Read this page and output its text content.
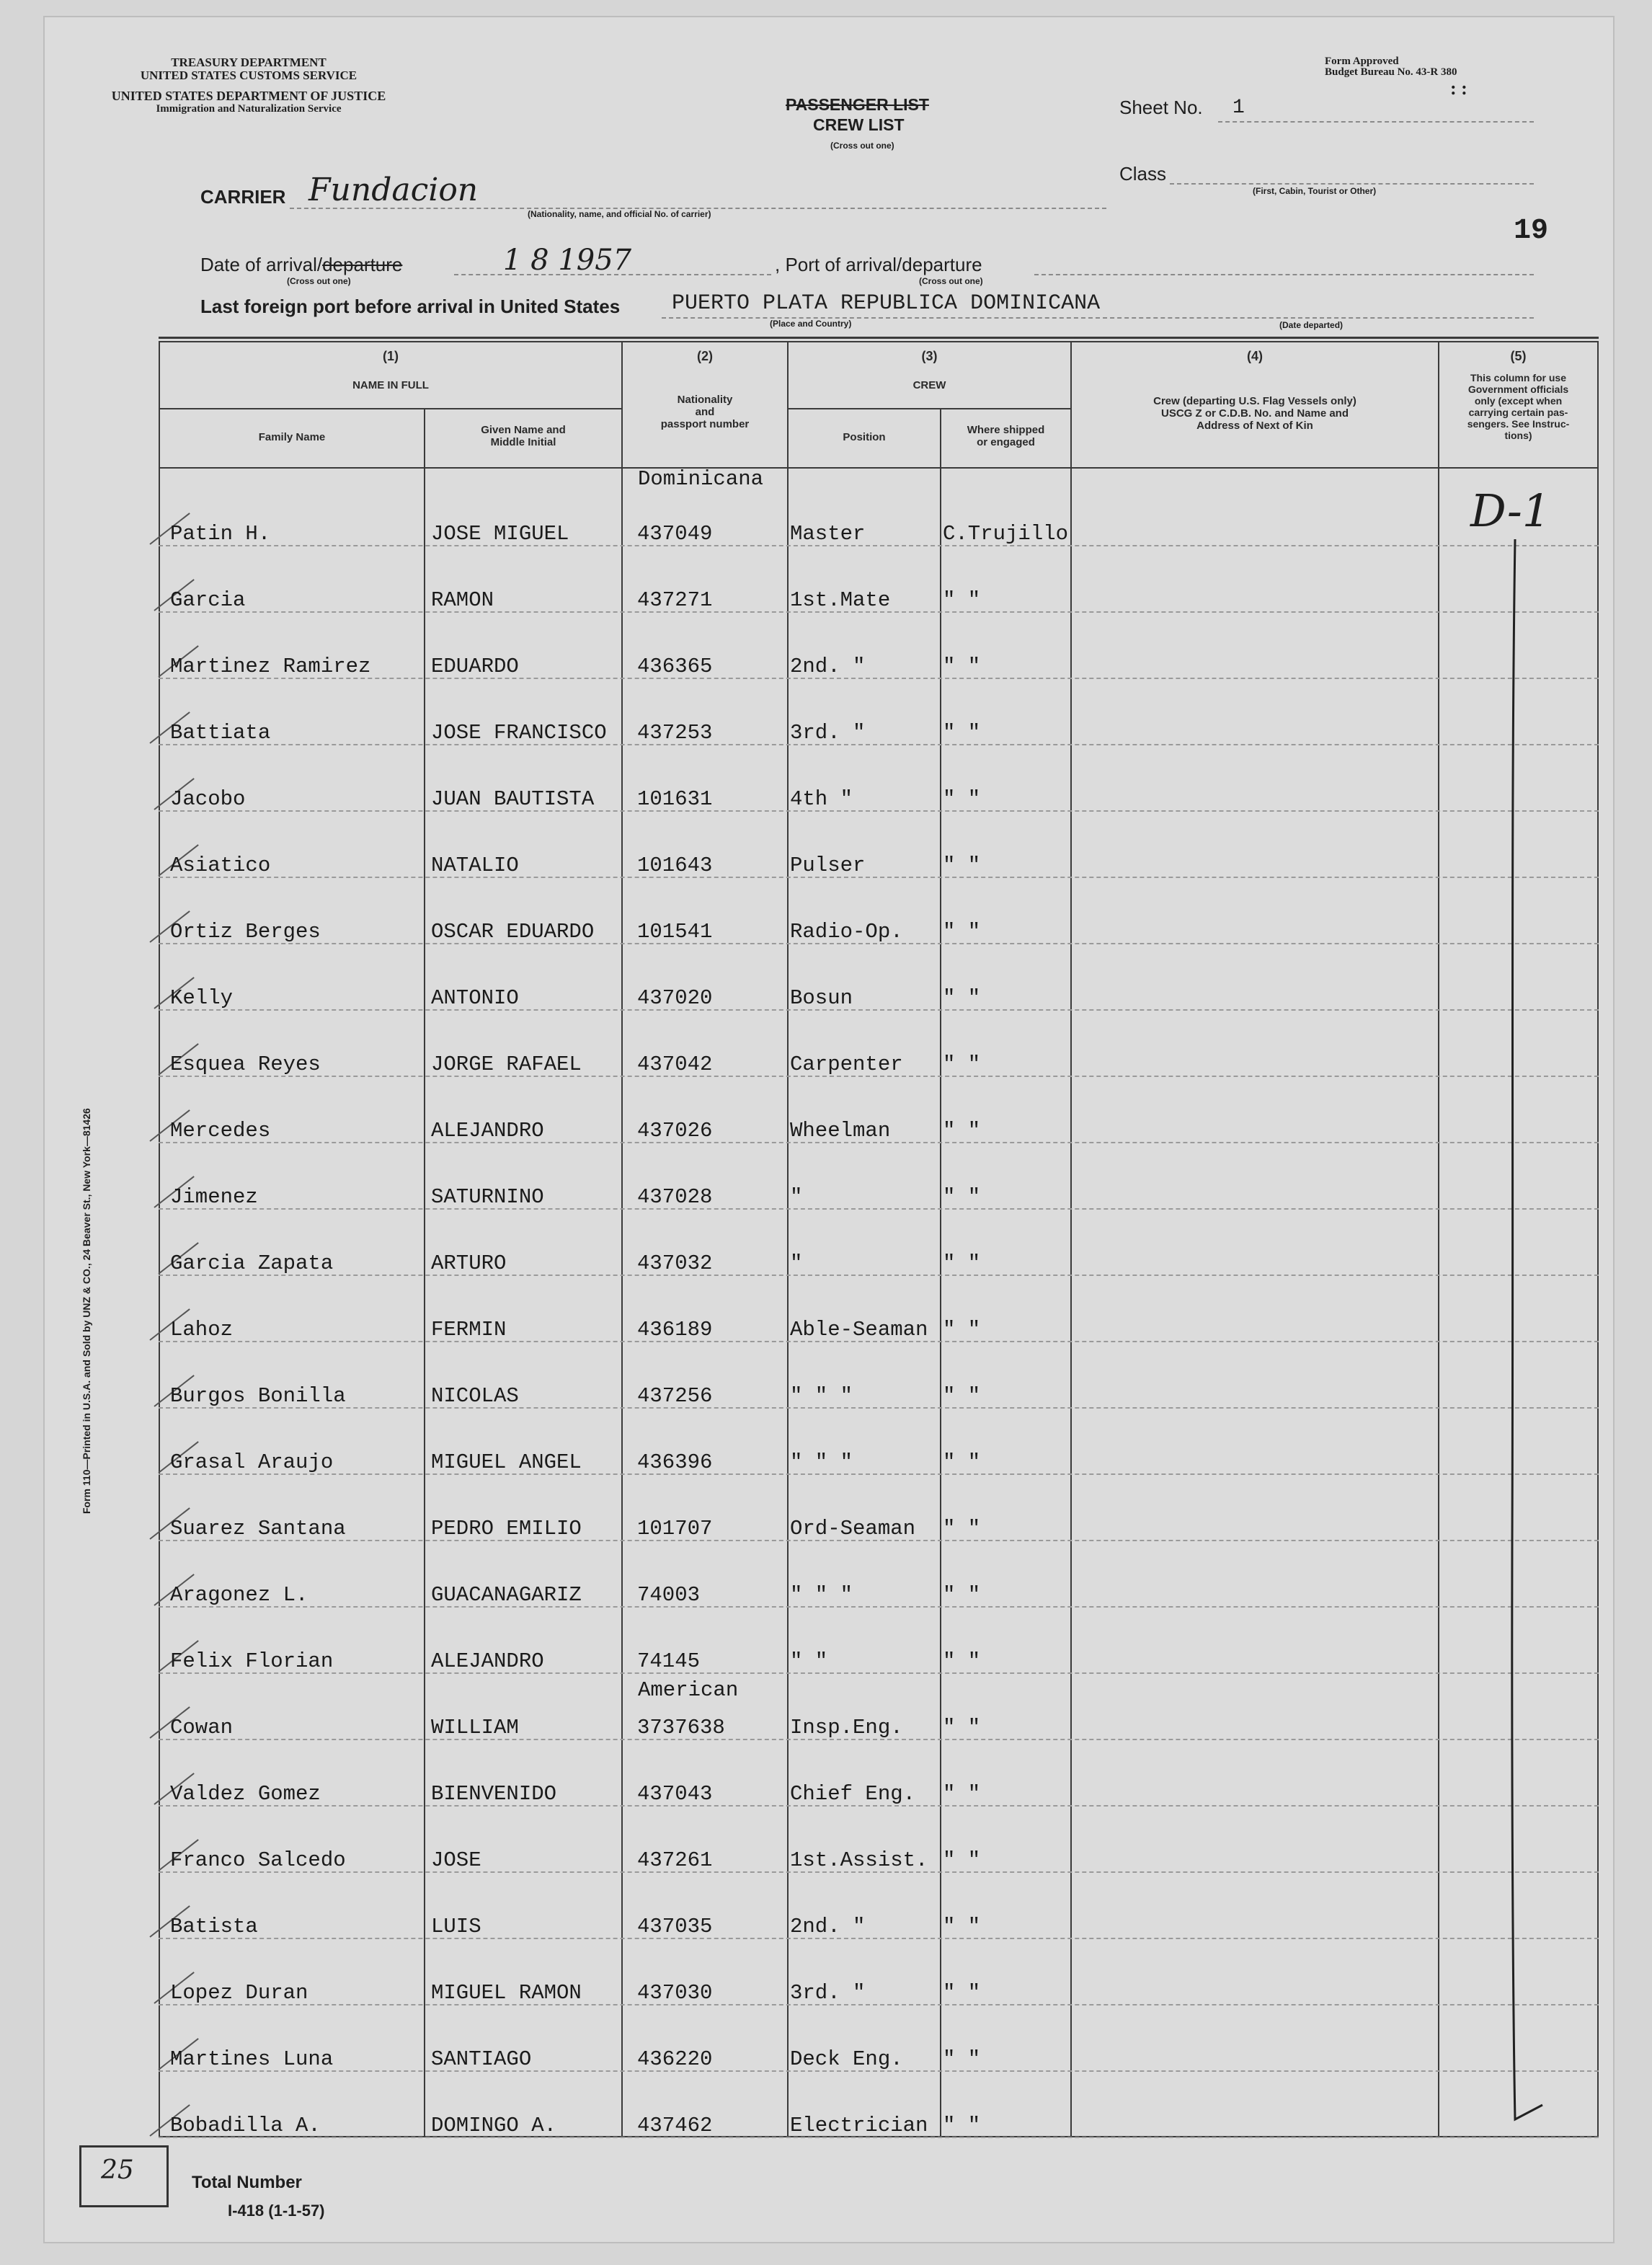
TREASURY DEPARTMENT
UNITED STATES CUSTOMS SERVICE
UNITED STATES DEPARTMENT OF JUSTICE
Immigration and Naturalization Service
Form Approved
Budget Bureau No. 43-R 380
: :
PASSENGER LIST
CREW LIST
(Cross out one)
Sheet No. 1
Class
(First, Cabin, Tourist or Other)
CARRIER Fundacion
(Nationality, name, and official No. of carrier)
19
Date of arrival/departure	1 8 1957
(Cross out one)
, Port of arrival/departure
(Cross out one)
Last foreign port before arrival in United States PUERTO PLATA REPUBLICA DOMINICANA
(Place and Country)	(Date departed)
(1)
NAME IN FULL
Family Name
Given Name and
Middle Initial
(2)
Nationality
and
passport number
(3)
CREW
Position
Where shipped
or engaged
(4)
Crew (departing U.S. Flag Vessels only)
USCG Z or C.D.B. No. and Name and
Address of Next of Kin
(5)
This column for use
Government officials
only (except when
carrying certain pas-
sengers. See Instruc-
tions)
Dominicana
American
Patin H.	JOSE MIGUEL	437049	Master	C.Trujillo
Garcia	RAMON	437271	1st.Mate	" "
Martinez Ramirez	EDUARDO	436365	2nd. "	" "
Battiata	JOSE FRANCISCO 437253	3rd. "	" "
Jacobo	JUAN BAUTISTA 101631	4th "	" "
Asiatico	NATALIO	101643	Pulser	" "
Ortiz Berges	OSCAR EDUARDO 101541	Radio-Op. " "
Kelly	ANTONIO	437020	Bosun	" "
Esquea Reyes	JORGE RAFAEL	437042	Carpenter " "
Mercedes	ALEJANDRO	437026	Wheelman	" "
Jimenez	SATURNINO	437028	"	" "
Garcia Zapata	ARTURO	437032	"	" "
Lahoz	FERMIN	436189	Able-Seaman " "
Burgos Bonilla	NICOLAS	437256	" " "	" "
Grasal Araujo	MIGUEL ANGEL	436396	" " "	" "
Suarez Santana	PEDRO EMILIO	101707	Ord-Seaman " "
Aragonez L.	GUACANAGARIZ	74003	" " "	" "
Felix Florian	ALEJANDRO	74145	" "	" "
Cowan	WILLIAM	3737638	Insp.Eng. " "
Valdez Gomez	BIENVENIDO	437043	Chief Eng. " "
Franco Salcedo	JOSE	437261	1st.Assist. " "
Batista	LUIS	437035	2nd. "	" "
Lopez Duran	MIGUEL RAMON	437030	3rd. "	" "
Martines Luna	SANTIAGO	436220	Deck Eng. " "
Bobadilla A.	DOMINGO A.	437462	Electrician " "
D-1
25	Total Number
I-418 (1-1-57)
Form 110—Printed in U.S.A. and Sold by UNZ & CO., 24 Beaver St., New York—81426
